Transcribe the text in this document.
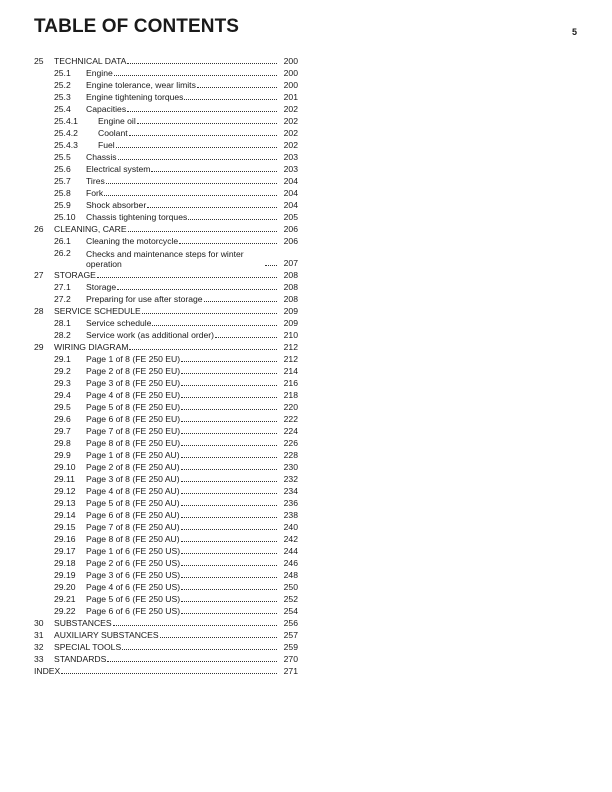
TABLE OF CONTENTS	5
25	TECHNICAL DATA	200
25.1	Engine	200
25.2	Engine tolerance, wear limits	200
25.3	Engine tightening torques	201
25.4	Capacities	202
25.4.1	Engine oil	202
25.4.2	Coolant	202
25.4.3	Fuel	202
25.5	Chassis	203
25.6	Electrical system	203
25.7	Tires	204
25.8	Fork	204
25.9	Shock absorber	204
25.10	Chassis tightening torques	205
26	CLEANING, CARE	206
26.1	Cleaning the motorcycle	206
26.2	Checks and maintenance steps for winter operation	207
27	STORAGE	208
27.1	Storage	208
27.2	Preparing for use after storage	208
28	SERVICE SCHEDULE	209
28.1	Service schedule	209
28.2	Service work (as additional order)	210
29	WIRING DIAGRAM	212
29.1	Page 1 of 8 (FE 250 EU)	212
29.2	Page 2 of 8 (FE 250 EU)	214
29.3	Page 3 of 8 (FE 250 EU)	216
29.4	Page 4 of 8 (FE 250 EU)	218
29.5	Page 5 of 8 (FE 250 EU)	220
29.6	Page 6 of 8 (FE 250 EU)	222
29.7	Page 7 of 8 (FE 250 EU)	224
29.8	Page 8 of 8 (FE 250 EU)	226
29.9	Page 1 of 8 (FE 250 AU)	228
29.10	Page 2 of 8 (FE 250 AU)	230
29.11	Page 3 of 8 (FE 250 AU)	232
29.12	Page 4 of 8 (FE 250 AU)	234
29.13	Page 5 of 8 (FE 250 AU)	236
29.14	Page 6 of 8 (FE 250 AU)	238
29.15	Page 7 of 8 (FE 250 AU)	240
29.16	Page 8 of 8 (FE 250 AU)	242
29.17	Page 1 of 6 (FE 250 US)	244
29.18	Page 2 of 6 (FE 250 US)	246
29.19	Page 3 of 6 (FE 250 US)	248
29.20	Page 4 of 6 (FE 250 US)	250
29.21	Page 5 of 6 (FE 250 US)	252
29.22	Page 6 of 6 (FE 250 US)	254
30	SUBSTANCES	256
31	AUXILIARY SUBSTANCES	257
32	SPECIAL TOOLS	259
33	STANDARDS	270
INDEX	271
